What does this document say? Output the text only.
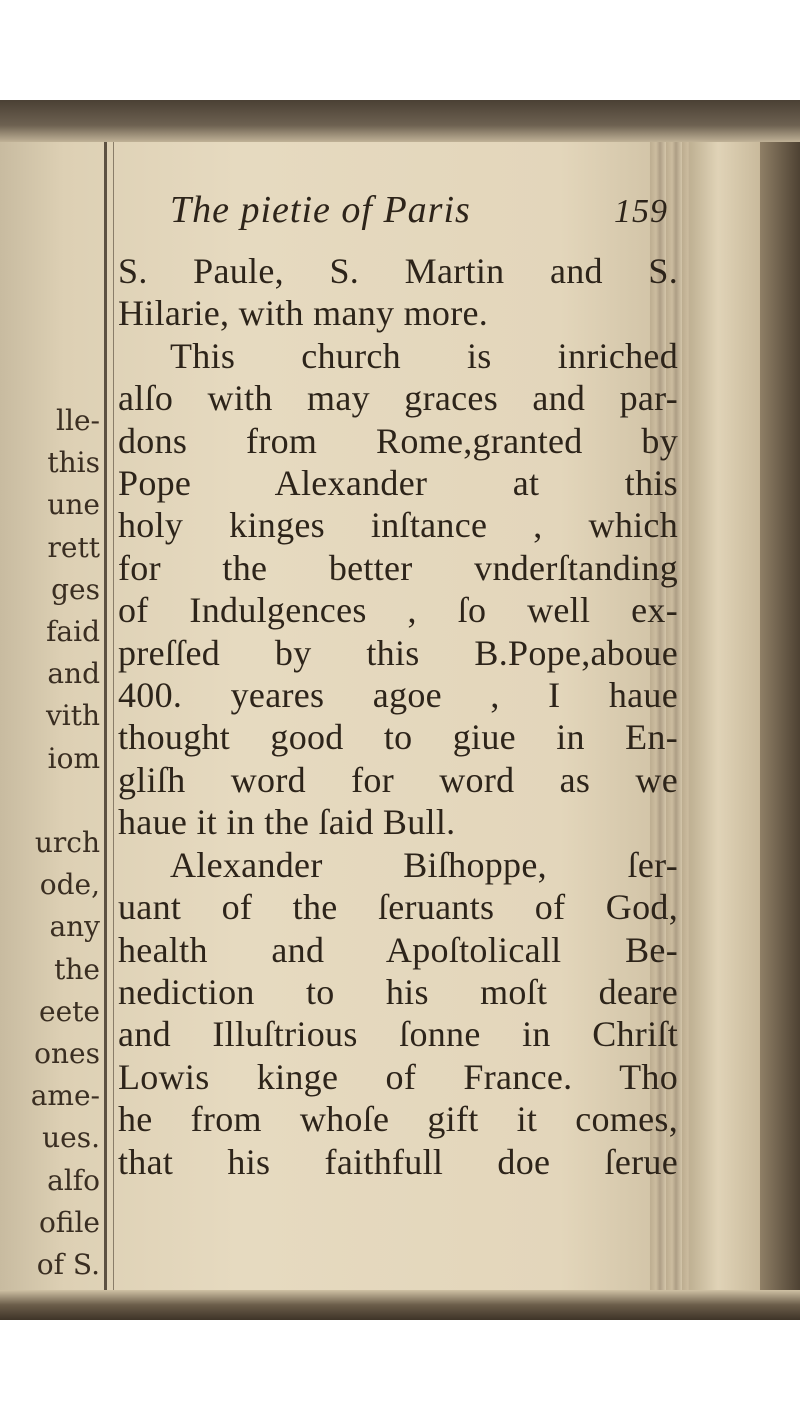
lle-
this
une
rett
ges
faid
and
vith
iom

urch
ode,
any
the
eete
ones
ame-
ues.
alfo
ofile
of S.
The pietie of Paris	159
S. Paule, S. Martin and S.
Hilarie, with many more.
This church is inriched
alſo with may graces and par-
dons from Rome,granted by
Pope Alexander at this
holy kinges inſtance , which
for the better vnderſtanding
of Indulgences , ſo well ex-
preſſed by this B.Pope,aboue
400. yeares agoe , I haue
thought good to giue in En-
gliſh word for word as we
haue it in the ſaid Bull.
Alexander Biſhoppe, ſer-
uant of the ſeruants of God,
health and Apoſtolicall Be-
nediction to his moſt deare
and Illuſtrious ſonne in Chriſt
Lowis kinge of France. Tho
he from whoſe gift it comes,
that his faithfull doe ſerue
